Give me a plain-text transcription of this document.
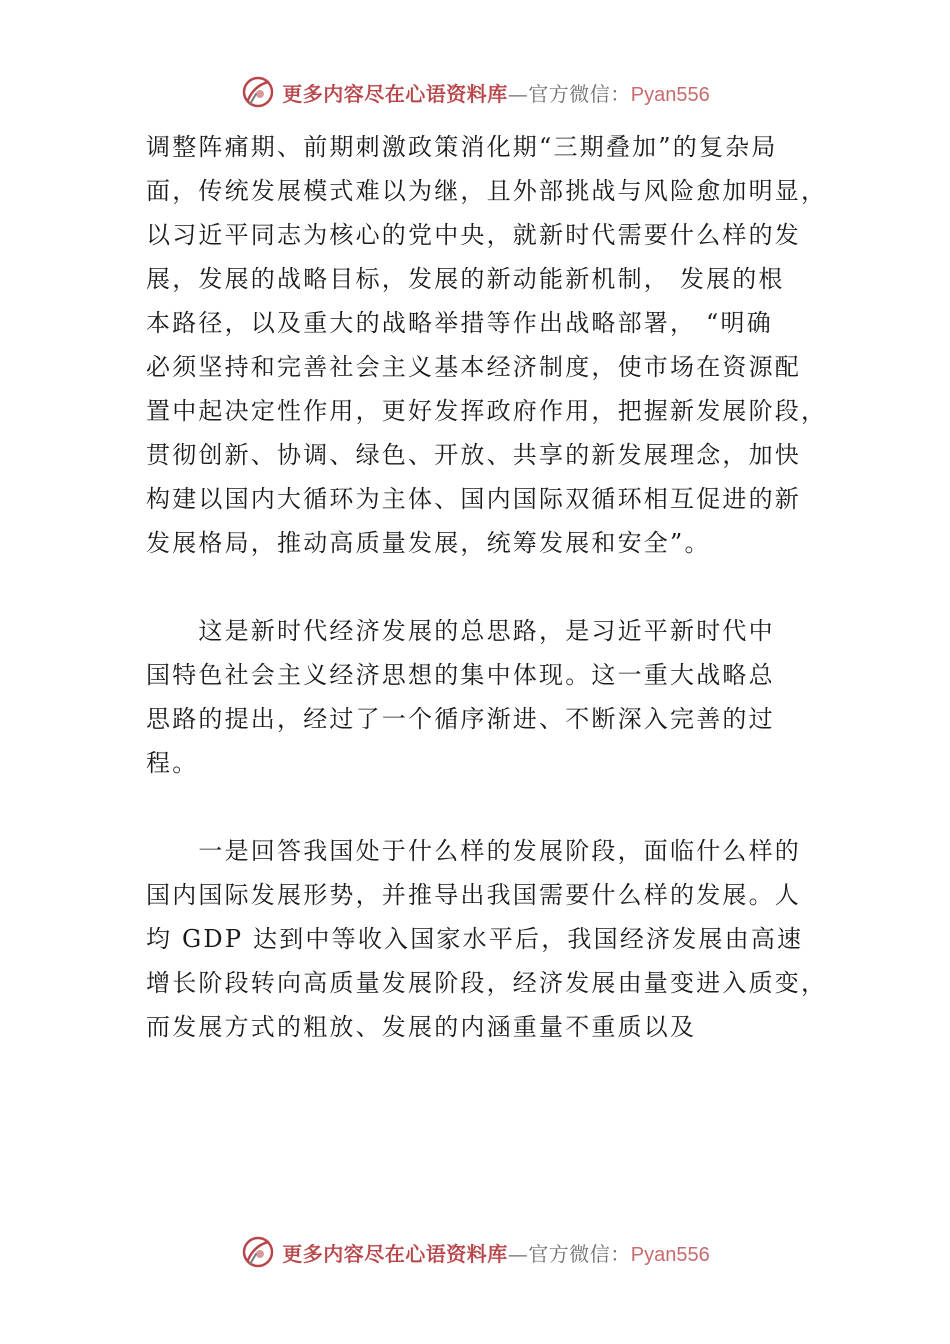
更多内容尽在心语资料库—官方微信：Pyan556

调整阵痛期、前期刺激政策消化期“三期叠加”的复杂局
面，传统发展模式难以为继，且外部挑战与风险愈加明显，
以习近平同志为核心的党中央，就新时代需要什么样的发
展，发展的战略目标，发展的新动能新机制， 发展的根
本路径，以及重大的战略举措等作出战略部署， “明确
必须坚持和完善社会主义基本经济制度，使市场在资源配
置中起决定性作用，更好发挥政府作用，把握新发展阶段，
贯彻创新、协调、绿色、开放、共享的新发展理念，加快
构建以国内大循环为主体、国内国际双循环相互促进的新
发展格局，推动高质量发展，统筹发展和安全”。

　　这是新时代经济发展的总思路，是习近平新时代中
国特色社会主义经济思想的集中体现。这一重大战略总
思路的提出，经过了一个循序渐进、不断深入完善的过
程。

　　一是回答我国处于什么样的发展阶段，面临什么样的
国内国际发展形势，并推导出我国需要什么样的发展。人
均 GDP 达到中等收入国家水平后，我国经济发展由高速
增长阶段转向高质量发展阶段，经济发展由量变进入质变，
而发展方式的粗放、发展的内涵重量不重质以及

更多内容尽在心语资料库—官方微信：Pyan556
